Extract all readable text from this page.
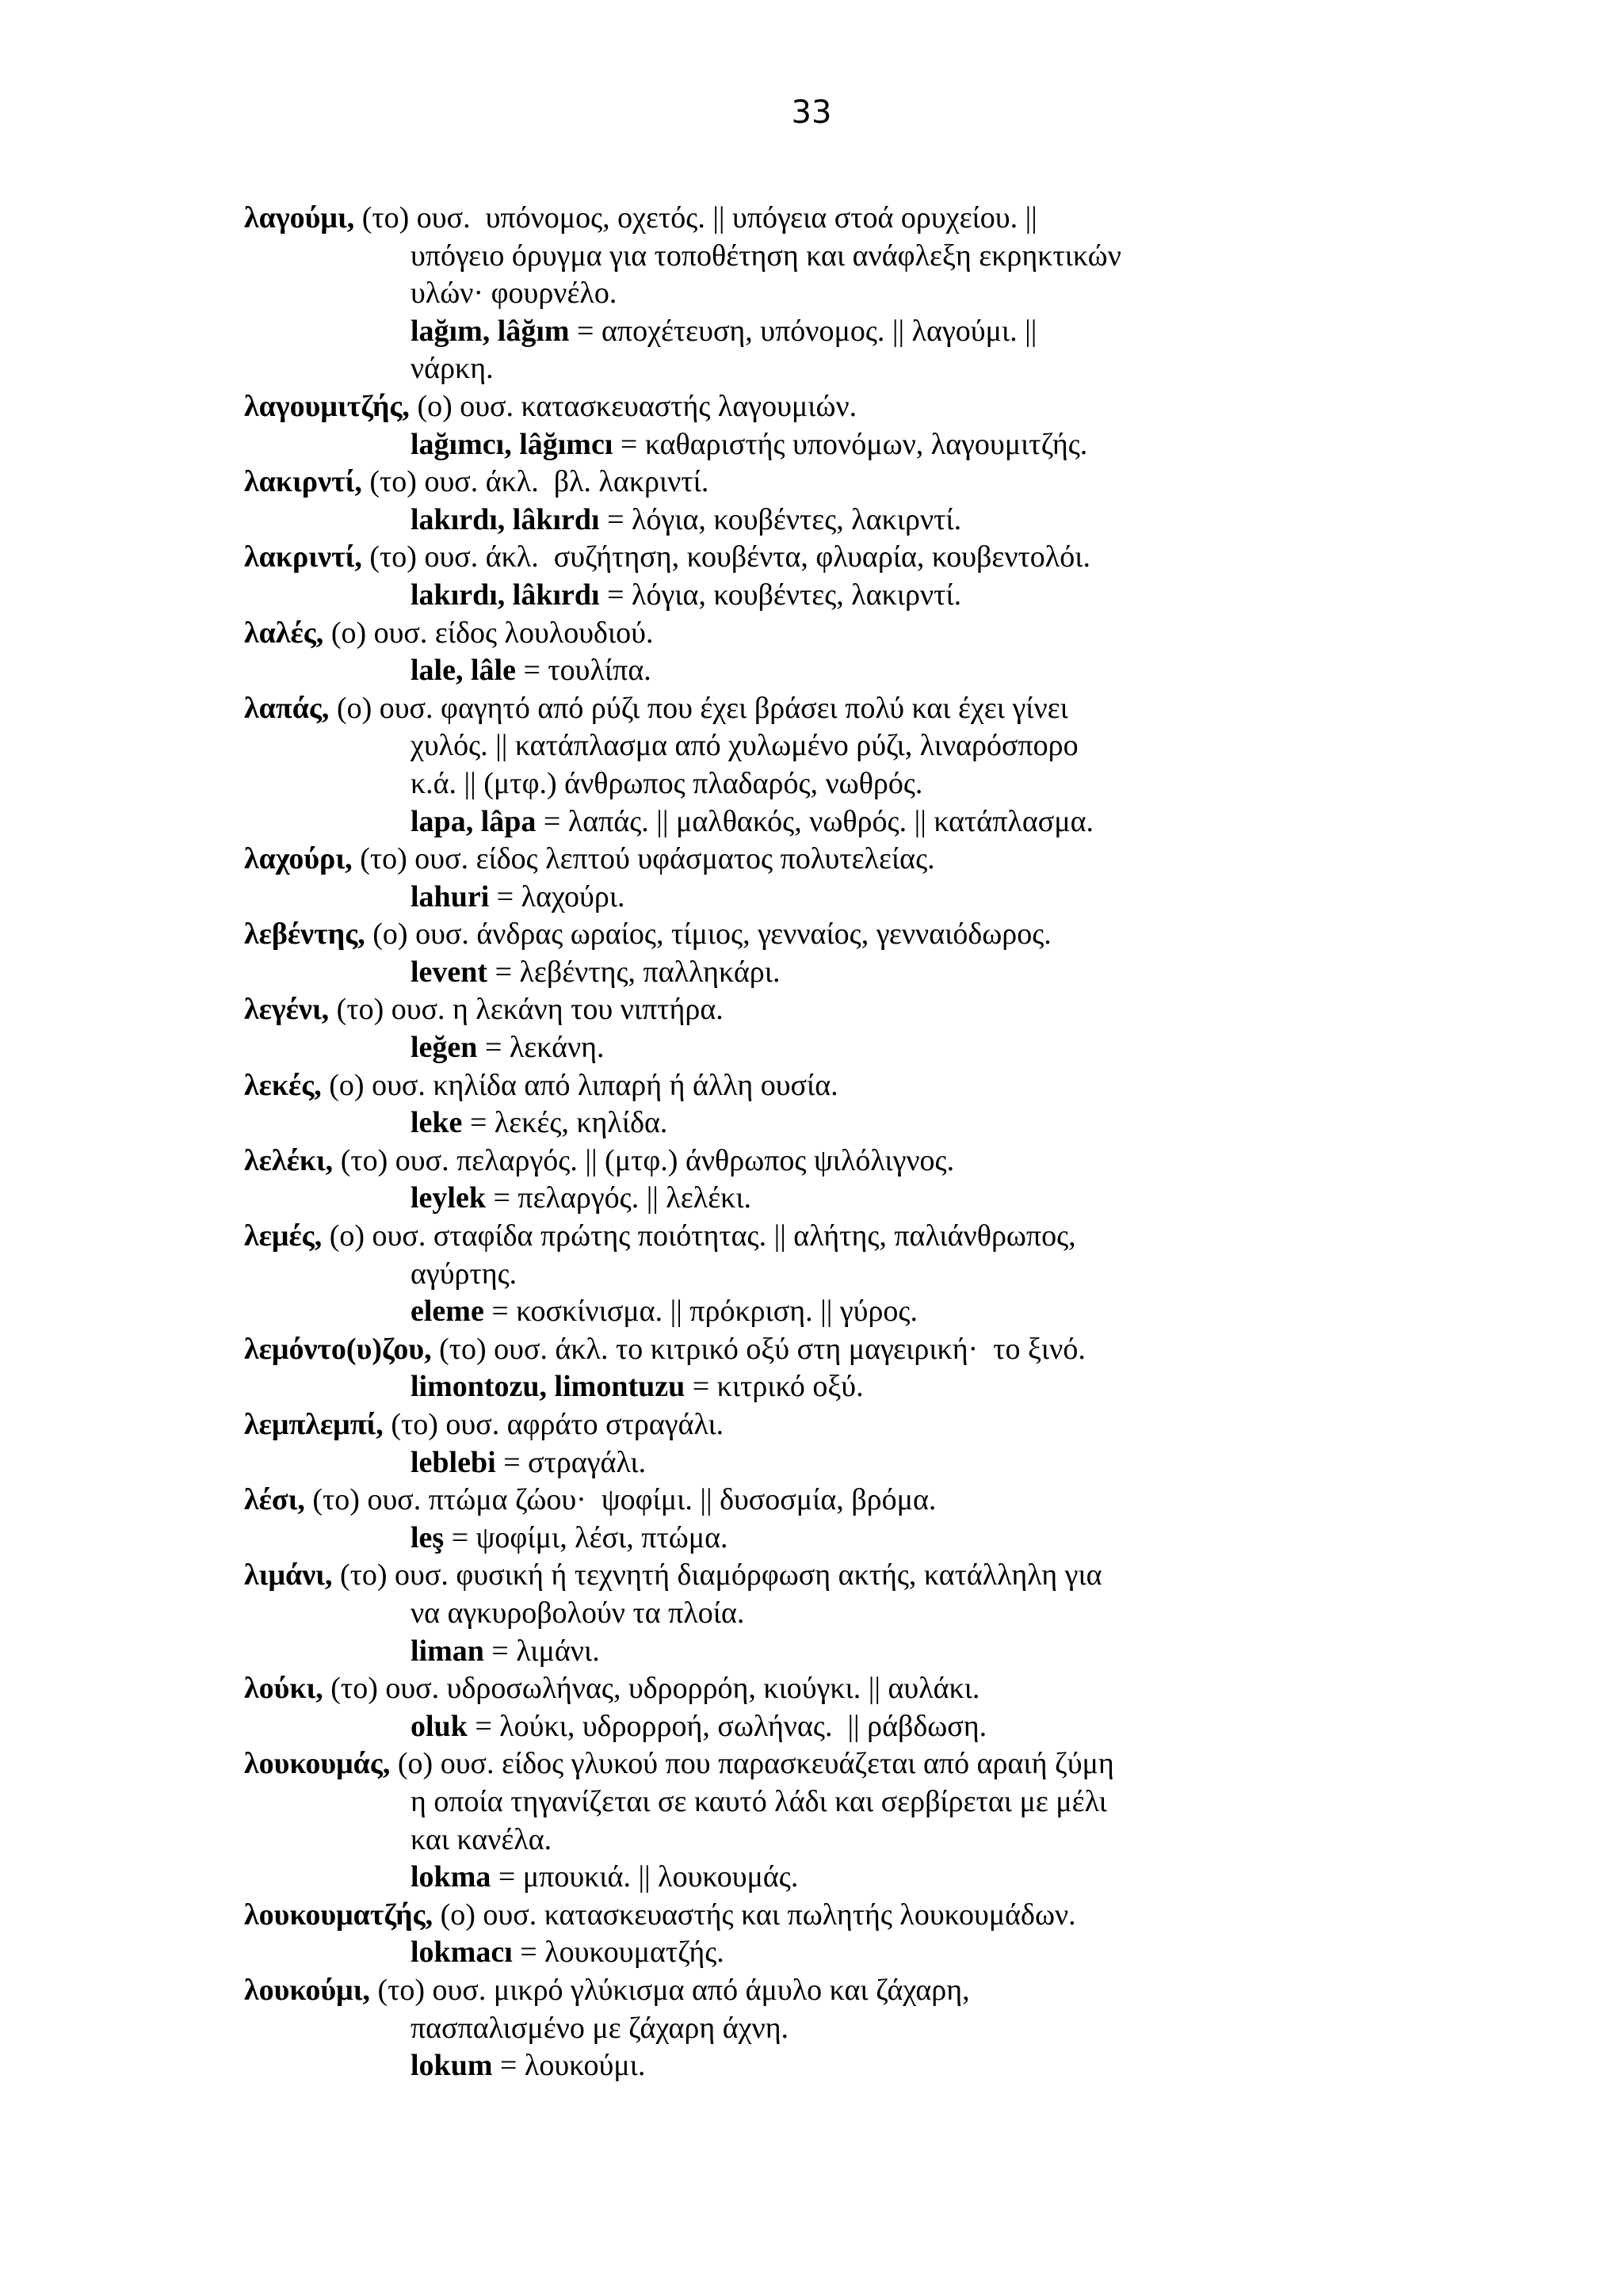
33
λαγούμι, (το) ουσ.  υπόνομος, οχετός. || υπόγεια στοά ορυχείου. ||
υπόγειο όρυγμα για τοποθέτηση και ανάφλεξη εκρηκτικών
υλών· φουρνέλο.
lağım, lâğım = αποχέτευση, υπόνομος. || λαγούμι. ||
νάρκη.
λαγουμιτζής, (ο) ουσ. κατασκευαστής λαγουμιών.
lağımcı, lâğımcı = καθαριστής υπονόμων, λαγουμιτζής.
λακιρντί, (το) ουσ. άκλ.  βλ. λακριντί.
lakırdı, lâkırdı = λόγια, κουβέντες, λακιρντί.
λακριντί, (το) ουσ. άκλ.  συζήτηση, κουβέντα, φλυαρία, κουβεντολόι.
lakırdı, lâkırdı = λόγια, κουβέντες, λακιρντί.
λαλές, (ο) ουσ. είδος λουλουδιού.
lale, lâle = τουλίπα.
λαπάς, (ο) ουσ. φαγητό από ρύζι που έχει βράσει πολύ και έχει γίνει
χυλός. || κατάπλασμα από χυλωμένο ρύζι, λιναρόσπορο
κ.ά. || (μτφ.) άνθρωπος πλαδαρός, νωθρός.
lapa, lâpa = λαπάς. || μαλθακός, νωθρός. || κατάπλασμα.
λαχούρι, (το) ουσ. είδος λεπτού υφάσματος πολυτελείας.
lahuri = λαχούρι.
λεβέντης, (ο) ουσ. άνδρας ωραίος, τίμιος, γενναίος, γενναιόδωρος.
levent = λεβέντης, παλληκάρι.
λεγένι, (το) ουσ. η λεκάνη του νιπτήρα.
leğen = λεκάνη.
λεκές, (ο) ουσ. κηλίδα από λιπαρή ή άλλη ουσία.
leke = λεκές, κηλίδα.
λελέκι, (το) ουσ. πελαργός. || (μτφ.) άνθρωπος ψιλόλιγνος.
leylek = πελαργός. || λελέκι.
λεμές, (ο) ουσ. σταφίδα πρώτης ποιότητας. || αλήτης, παλιάνθρωπος,
αγύρτης.
eleme = κοσκίνισμα. || πρόκριση. || γύρος.
λεμόντο(υ)ζου, (το) ουσ. άκλ. το κιτρικό οξύ στη μαγειρική·  το ξινό.
limontozu, limontuzu = κιτρικό οξύ.
λεμπλεμπί, (το) ουσ. αφράτο στραγάλι.
leblebi = στραγάλι.
λέσι, (το) ουσ. πτώμα ζώου·  ψοφίμι. || δυσοσμία, βρόμα.
leş = ψοφίμι, λέσι, πτώμα.
λιμάνι, (το) ουσ. φυσική ή τεχνητή διαμόρφωση ακτής, κατάλληλη για
να αγκυροβολούν τα πλοία.
liman = λιμάνι.
λούκι, (το) ουσ. υδροσωλήνας, υδρορρόη, κιούγκι. || αυλάκι.
oluk = λούκι, υδρορροή, σωλήνας.  || ράβδωση.
λουκουμάς, (ο) ουσ. είδος γλυκού που παρασκευάζεται από αραιή ζύμη
η οποία τηγανίζεται σε καυτό λάδι και σερβίρεται με μέλι
και κανέλα.
lokma = μπουκιά. || λουκουμάς.
λουκουματζής, (ο) ουσ. κατασκευαστής και πωλητής λουκουμάδων.
lokmacı = λουκουματζής.
λουκούμι, (το) ουσ. μικρό γλύκισμα από άμυλο και ζάχαρη,
πασπαλισμένο με ζάχαρη άχνη.
lokum = λουκούμι.
